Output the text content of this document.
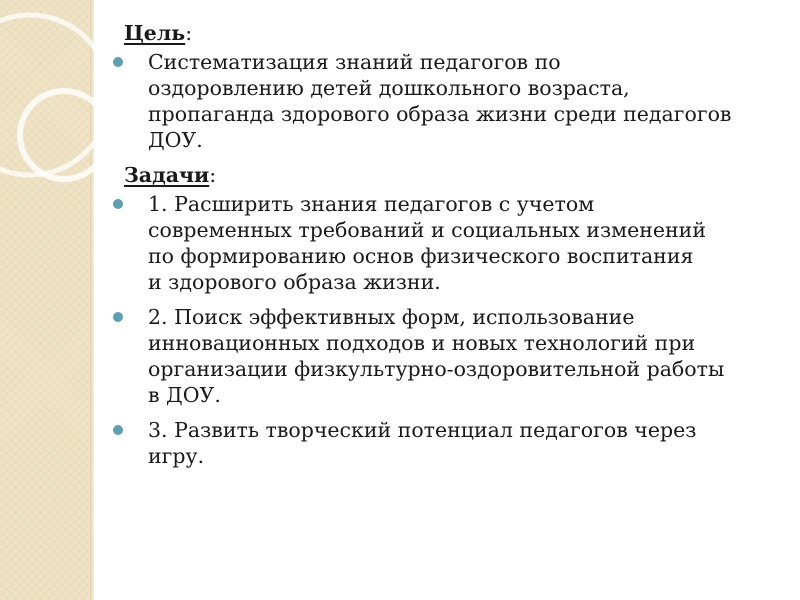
Цель:
Систематизация знаний педагогов по
оздоровлению детей дошкольного возраста,
пропаганда здорового образа жизни среди педагогов
ДОУ.
Задачи:
1. Расширить знания педагогов с учетом
современных требований и социальных изменений
по формированию основ физического воспитания
и здорового образа жизни.
2. Поиск эффективных форм, использование
инновационных подходов и новых технологий при
организации физкультурно-оздоровительной работы
в ДОУ.
3. Развить творческий потенциал педагогов через
игру.
